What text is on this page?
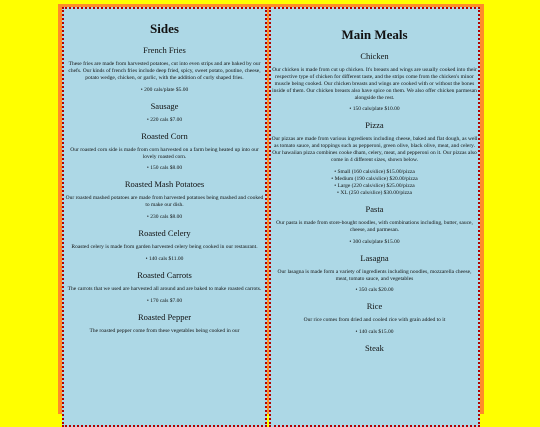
Sides
French Fries

These fries are made from harvested potatoes, cut into even strips and are baked by our chefs. Our kinds of french fries include deep fried, spicy, sweet potato, poutine, cheese, potato wedge, chicken, or garlic, with the addition of curly shaped fries.

• 200 cals/plate $5.00
Sausage
• 220 cals $7.00
Roasted Corn

Our roasted corn side is made from corn harvested on a farm being heated up into our lovely roasted corn.

• 150 cals $8.00
Roasted Mash Potatoes

Our roasted mashed potatoes are made from harvested potatoes being mashed and cooked to make our dish.

• 230 cals $8.00
Roasted Celery

Roasted celery is made from garden harvested celery being cooked in our restaurant.

• 140 cals $11.00
Roasted Carrots

The carrots that we used are harvested all around and are baked to make roasted carrots.

• 170 cals $7.00
Roasted Pepper

The roasted pepper come from these vegetables being cooked in our

Main Meals
Chicken

Our chicken is made from cut up chicken. It's breasts and wings are usually cooked into their respective type of chicken for different taste, and the strips come from the chicken's minor muscle being cooked. Our chicken breasts and wings are cooked with or without the bones inside of them. Our chicken breasts also have spice on them. We also offer chicken parmesan alongside the rest.

• 150 cals/plate $10.00
Pizza

Our pizzas are made from various ingredients including cheese, baked and flat dough, as well as tomato sauce, and toppings such as pepperoni, green olive, black olive, meat, and celery. Our hawaiian pizza combines cooke dham, celery, meat, and pepperoni on it. Our pizzas also come in 4 different sizes, shown below.

• Small (160 cals/slice) $15.00/pizza
• Medium (190 cals/slice) $20.00/pizza
• Large (220 cals/slice) $25.00/pizza
• XL (250 cals/slice) $30.00/pizza
Pasta

Our pasta is made from store-bought noodles, with combinations including, butter, sauce, cheese, and parmesan.

• 300 cals/plate $15.00
Lasagna

Our lasagna is made form a variety of ingredients including noodles, mozzarella cheese, meat, tomato sauce, and vegetables

• 350 cals $20.00
Rice

Our rice comes from dried and cooled rice with grain added to it

• 140 cals $15.00
Steak
